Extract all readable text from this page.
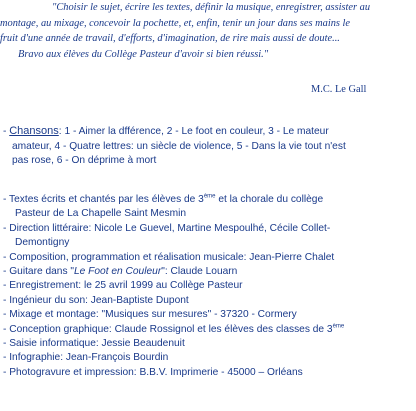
"Choisir le sujet, écrire les textes, définir la musique, enregistrer, assister au
montage, au mixage, concevoir la pochette, et, enfin, tenir un jour dans ses mains le
fruit d'une année de travail, d'efforts, d'imagination, de rire mais aussi de doute...
Bravo aux élèves du Collège Pasteur d'avoir si bien réussi."
M.C. Le Gall
- Chansons: 1 - Aimer la dfférence, 2 - Le foot en couleur, 3 - Le mateur
amateur, 4 - Quatre lettres: un siècle de violence, 5 - Dans la vie tout n'est
pas rose, 6 - On déprime à mort
- Textes écrits et chantés par les élèves de 3ème et la chorale du collège
Pasteur de La Chapelle Saint Mesmin
- Direction littéraire: Nicole Le Guevel, Martine Mespoulhé, Cécile Collet-
Demontigny
- Composition, programmation et réalisation musicale: Jean-Pierre Chalet
- Guitare dans "Le Foot en Couleur": Claude Louarn
- Enregistrement: le 25 avril 1999 au Collège Pasteur
- Ingénieur du son: Jean-Baptiste Dupont
- Mixage et montage: "Musiques sur mesures" - 37320 - Cormery
- Conception graphique: Claude Rossignol et les élèves des classes de 3ème
- Saisie informatique: Jessie Beaudenuit
- Infographie: Jean-François Bourdin
- Photogravure et impression: B.B.V. Imprimerie - 45000 – Orléans
